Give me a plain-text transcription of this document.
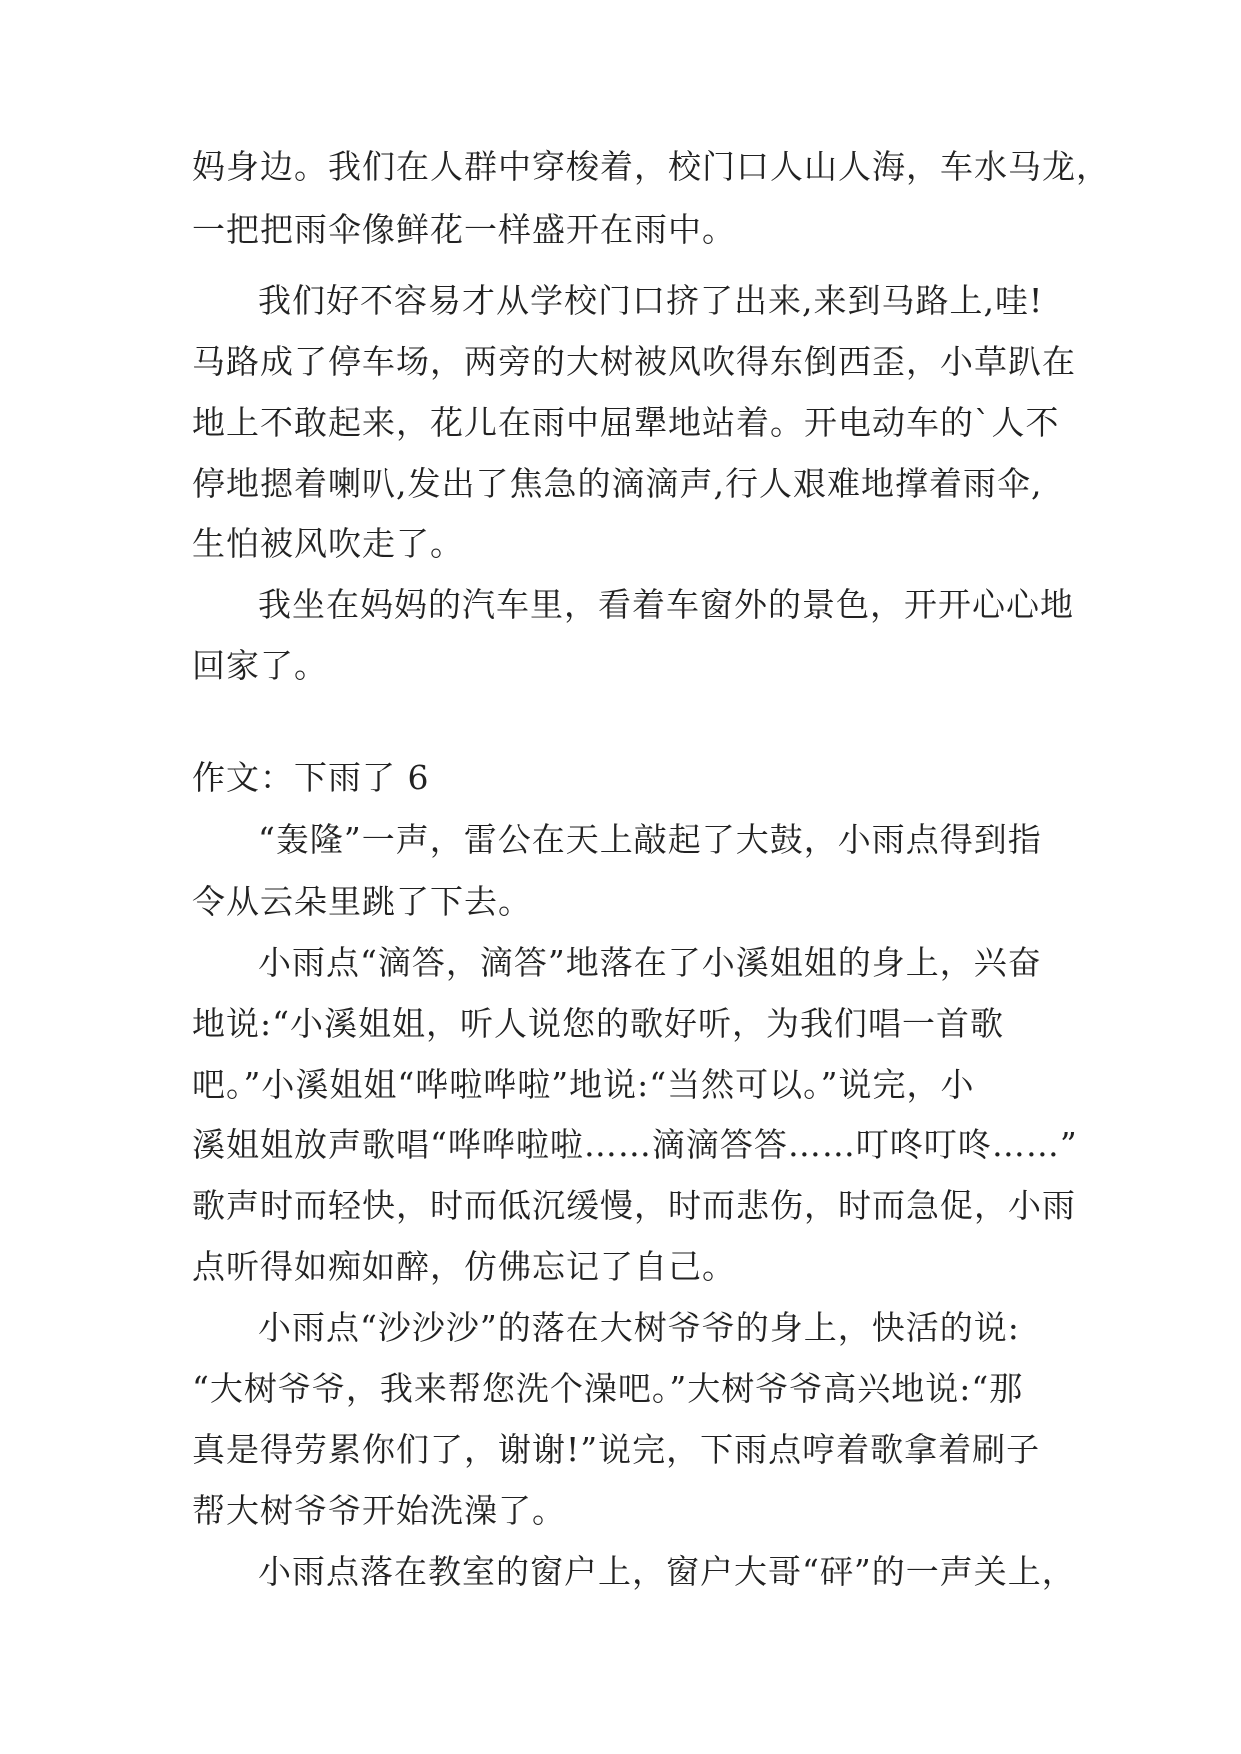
妈身边。我们在人群中穿梭着，校门口人山人海，车水马龙，
一把把雨伞像鲜花一样盛开在雨中。
我们好不容易才从学校门口挤了出来,来到马路上,哇!
马路成了停车场，两旁的大树被风吹得东倒西歪，小草趴在
地上不敢起来，花儿在雨中屈犟地站着。开电动车的`人不
停地摁着喇叭,发出了焦急的滴滴声,行人艰难地撑着雨伞,
生怕被风吹走了。
我坐在妈妈的汽车里，看着车窗外的景色，开开心心地
回家了。
作文：下雨了 6
“轰隆”一声，雷公在天上敲起了大鼓，小雨点得到指
令从云朵里跳了下去。
小雨点“滴答，滴答”地落在了小溪姐姐的身上，兴奋
地说:“小溪姐姐，听人说您的歌好听，为我们唱一首歌
吧。”小溪姐姐“哗啦哗啦”地说:“当然可以。”说完，小
溪姐姐放声歌唱“哗哗啦啦……滴滴答答……叮咚叮咚……”
歌声时而轻快，时而低沉缓慢，时而悲伤，时而急促，小雨
点听得如痴如醉，仿佛忘记了自己。
小雨点“沙沙沙”的落在大树爷爷的身上，快活的说:
“大树爷爷，我来帮您洗个澡吧。”大树爷爷高兴地说:“那
真是得劳累你们了，谢谢!”说完，下雨点哼着歌拿着刷子
帮大树爷爷开始洗澡了。
小雨点落在教室的窗户上，窗户大哥“砰”的一声关上，
